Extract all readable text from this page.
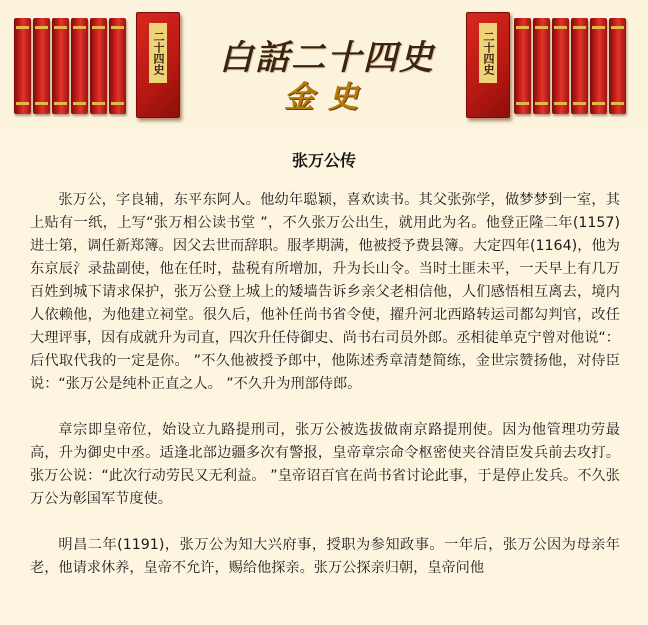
二十四史 白話二十四史
金史
二十四史
张万公传

张万公，字良辅，东平东阿人。他幼年聪颖，喜欢读书。其父张弥学，做梦梦到一室，其上贴有一纸，上写“张万相公读书堂 ”，不久张万公出生，就用此为名。他登正隆二年(1157)进士第，调任新郑簿。因父去世而辞职。服孝期满，他被授予费县簿。大定四年(1164)，他为东京辰氵录盐副使，他在任时，盐税有所增加，升为长山令。当时土匪未平，一天早上有几万百姓到城下请求保护，张万公登上城上的矮墙告诉乡亲父老相信他，人们感悟相互离去，境内人依赖他，为他建立祠堂。很久后，他补任尚书省令使，擢升河北西路转运司都勾判官，改任大理评事，因有成就升为司直，四次升任侍御史、尚书右司员外郎。丞相徒单克宁曾对他说“：后代取代我的一定是你。 ”不久他被授予郎中，他陈述秀章清楚简练，金世宗赞扬他，对侍臣说：“张万公是纯朴正直之人。 ”不久升为刑部侍郎。

章宗即皇帝位，始设立九路提刑司，张万公被选拔做南京路提刑使。因为他管理功劳最高，升为御史中丞。适逢北部边疆多次有警报，皇帝章宗命令枢密使夹谷清臣发兵前去攻打。张万公说：“此次行动劳民又无利益。 ”皇帝诏百官在尚书省讨论此事，于是停止发兵。不久张万公为彰国军节度使。

明昌二年(1191)，张万公为知大兴府事，授职为参知政事。一年后，张万公因为母亲年老，他请求休养，皇帝不允许，赐给他探亲。张万公探亲归朝，皇帝问他
